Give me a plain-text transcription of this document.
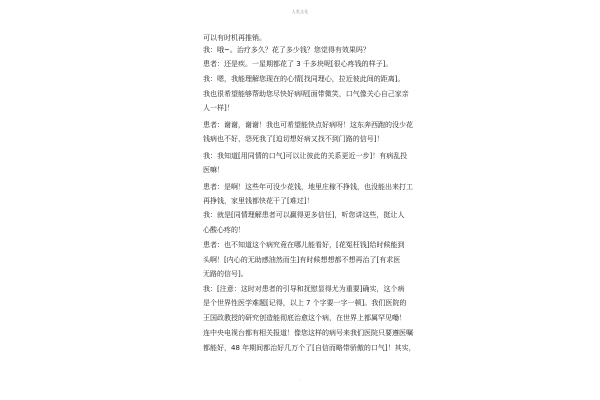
人类文化
可以有时机再推销。
我：哦~。治疗多久？花了多少钱？您觉得有效果吗？
患者：还是疾。一星期都花了 3 千多块呢[很心疼钱的样子]。
我：嗯，我能理解您现在的心情[找同理心，拉近彼此间的距离]。
我也很希望能够帮助您尽快好病呢[面带微笑，口气像关心自己家亲
人一样]！
患者：谢谢，谢谢！我也可希望能快点好病呀！这东奔西跑的没少花
钱病也不好，怨死我了[迫切想好病又找不到门路的信号]！
我：我知道[用同情的口气]可以让彼此的关系更近一步]！有病乱投
医嘛！
患者：是啊！这些年可没少花钱，地里庄稼不挣钱，也没能出来打工
再挣钱，家里钱都快花干了[难过]！
我：就是[同情理解患者可以赢得更多信任]，听您讲这些，挺让人
心酸心疼的！
患者：也不知道这个病究竟在哪儿能看好，[花冤枉钱]给时候能到
头啊！[内心的无助感油然而生]有时候想想都不想再治了[有求医
无路的信号]。
我：[注意：这时对患者的引导和抚慰显得尤为重要]确实，这个病
是个世界性医学难题[记得，以上 7 个字要一字一顿]。我们医院的
王国政教授的研究创造能彻底治愈这个病，在世界上都属罕见嘞！
连中央电视台都有相关报道！像您这样的病号来我们医院只要遵医嘱
都能好，48 年期间都治好几万个了[自信而略带骄傲的口气]！其实，
·
